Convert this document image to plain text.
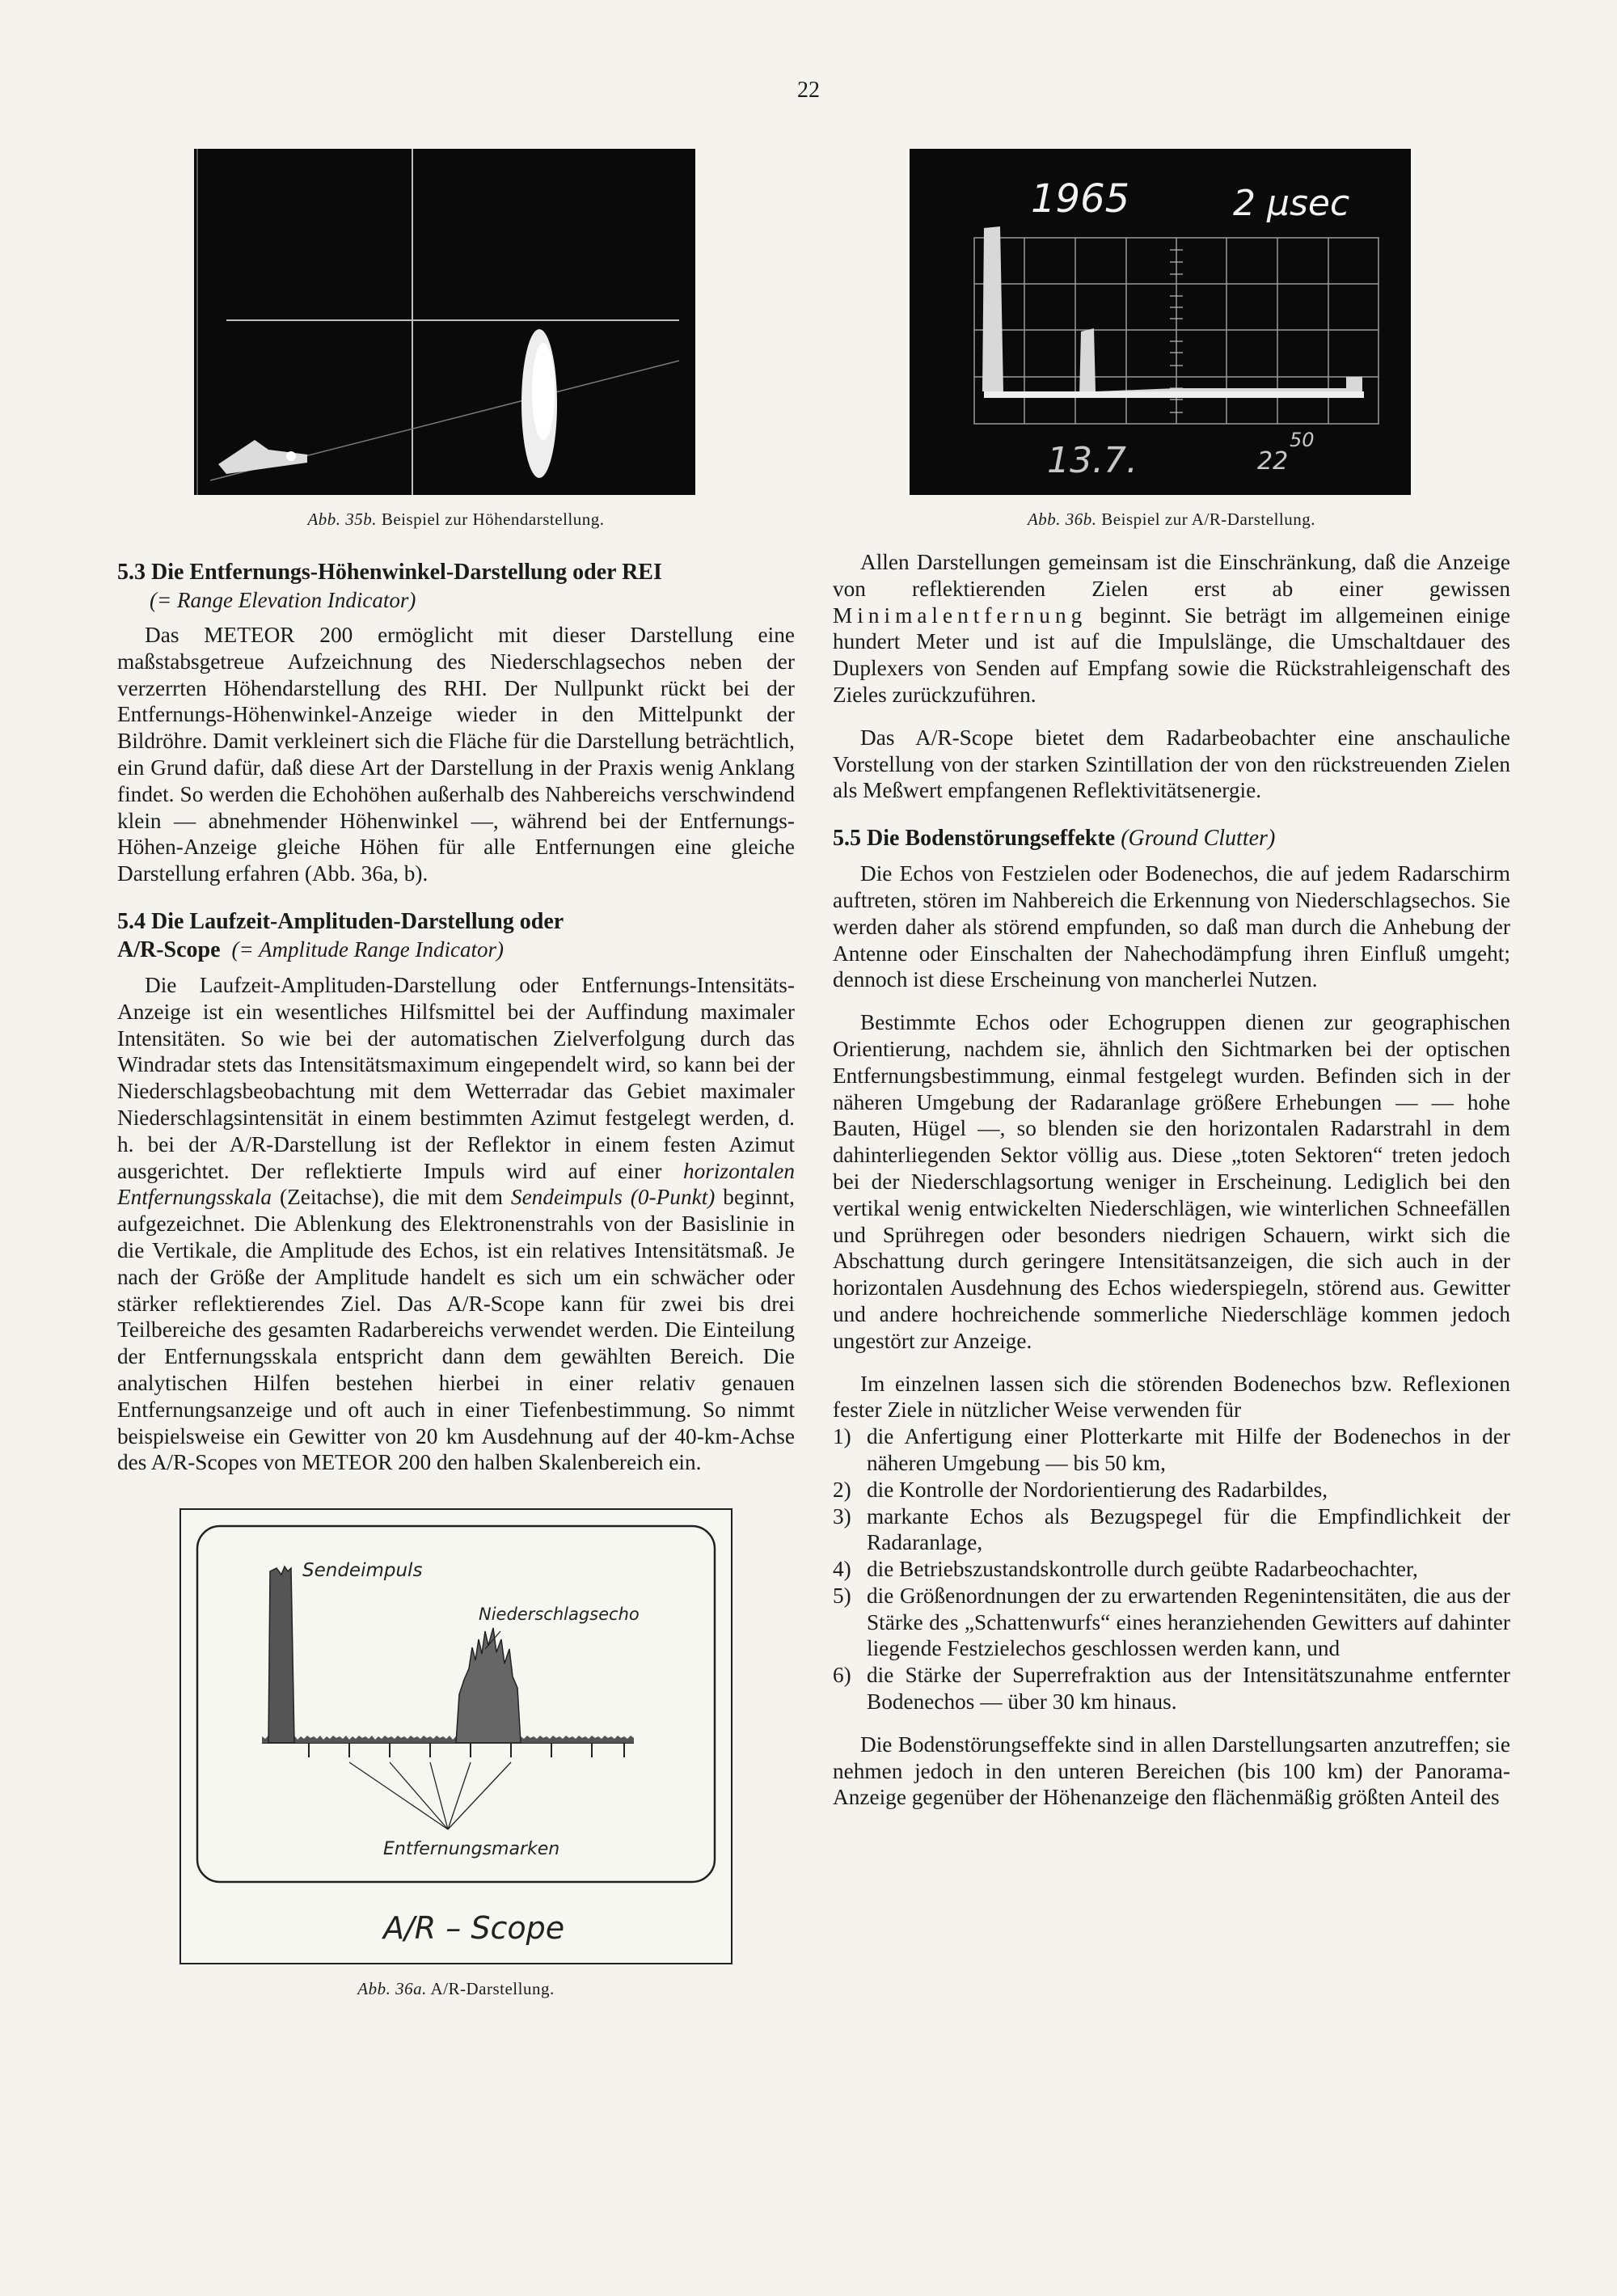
22
Abb. 35b. Beispiel zur Höhendarstellung.

5.3 Die Entfernungs-Höhenwinkel-Darstellung oder REI

(= Range Elevation Indicator)

Das METEOR 200 ermöglicht mit dieser Darstellung eine maßstabsgetreue Aufzeichnung des Niederschlagsechos neben der verzerrten Höhendarstellung des RHI. Der Nullpunkt rückt bei der Entfernungs-Höhenwinkel-Anzeige wieder in den Mittelpunkt der Bildröhre. Damit verkleinert sich die Fläche für die Darstellung beträchtlich, ein Grund dafür, daß diese Art der Darstellung in der Praxis wenig Anklang findet. So werden die Echohöhen außerhalb des Nahbereichs verschwindend klein — abnehmender Höhenwinkel —, während bei der Entfernungs-Höhen-Anzeige gleiche Höhen für alle Entfernungen eine gleiche Darstellung erfahren (Abb. 36a, b).

5.4 Die Laufzeit-Amplituden-Darstellung oder

A/R-Scope (= Amplitude Range Indicator)

Die Laufzeit-Amplituden-Darstellung oder Entfernungs-Intensitäts-Anzeige ist ein wesentliches Hilfsmittel bei der Auffindung maximaler Intensitäten. So wie bei der automatischen Zielverfolgung durch das Windradar stets das Intensitätsmaximum eingependelt wird, so kann bei der Niederschlagsbeobachtung mit dem Wetterradar das Gebiet maximaler Niederschlagsintensität in einem bestimmten Azimut festgelegt werden, d. h. bei der A/R-Darstellung ist der Reflektor in einem festen Azimut ausgerichtet. Der reflektierte Impuls wird auf einer horizontalen Entfernungsskala (Zeitachse), die mit dem Sendeimpuls (0-Punkt) beginnt, aufgezeichnet. Die Ablenkung des Elektronenstrahls von der Basislinie in die Vertikale, die Amplitude des Echos, ist ein relatives Intensitätsmaß. Je nach der Größe der Amplitude handelt es sich um ein schwächer oder stärker reflektierendes Ziel. Das A/R-Scope kann für zwei bis drei Teilbereiche des gesamten Radarbereichs verwendet werden. Die Einteilung der Entfernungsskala entspricht dann dem gewählten Bereich. Die analytischen Hilfen bestehen hierbei in einer relativ genauen Entfernungsanzeige und oft auch in einer Tiefenbestimmung. So nimmt beispielsweise ein Gewitter von 20 km Ausdehnung auf der 40-km-Achse des A/R-Scopes von METEOR 200 den halben Skalenbereich ein.

Sendeimpuls
Niederschlagsecho
Entfernungsmarken
A/R – Scope
Abb. 36a. A/R-Darstellung.
1965	2 µsec
13.7.	22
50
Abb. 36b. Beispiel zur A/R-Darstellung.

Allen Darstellungen gemeinsam ist die Einschränkung, daß die Anzeige von reflektierenden Zielen erst ab einer gewissen Minimalentfernung beginnt. Sie beträgt im allgemeinen einige hundert Meter und ist auf die Impulslänge, die Umschaltdauer des Duplexers von Senden auf Empfang sowie die Rückstrahleigenschaft des Zieles zurückzuführen.

Das A/R-Scope bietet dem Radarbeobachter eine anschauliche Vorstellung von der starken Szintillation der von den rückstreuenden Zielen als Meßwert empfangenen Reflektivitätsenergie.

5.5 Die Bodenstörungseffekte (Ground Clutter)

Die Echos von Festzielen oder Bodenechos, die auf jedem Radarschirm auftreten, stören im Nahbereich die Erkennung von Niederschlagsechos. Sie werden daher als störend empfunden, so daß man durch die Anhebung der Antenne oder Einschalten der Nahechodämpfung ihren Einfluß umgeht; dennoch ist diese Erscheinung von mancherlei Nutzen.

Bestimmte Echos oder Echogruppen dienen zur geographischen Orientierung, nachdem sie, ähnlich den Sichtmarken bei der optischen Entfernungsbestimmung, einmal festgelegt wurden. Befinden sich in der näheren Umgebung der Radaranlage größere Erhebungen — — hohe Bauten, Hügel —, so blenden sie den horizontalen Radarstrahl in dem dahinterliegenden Sektor völlig aus. Diese „toten Sektoren“ treten jedoch bei der Niederschlagsortung weniger in Erscheinung. Lediglich bei den vertikal wenig entwickelten Niederschlägen, wie winterlichen Schneefällen und Sprühregen oder besonders niedrigen Schauern, wirkt sich die Abschattung durch geringere Intensitätsanzeigen, die sich auch in der horizontalen Ausdehnung des Echos wiederspiegeln, störend aus. Gewitter und andere hochreichende sommerliche Niederschläge kommen jedoch ungestört zur Anzeige.

Im einzelnen lassen sich die störenden Bodenechos bzw. Reflexionen fester Ziele in nützlicher Weise verwenden für

1) die Anfertigung einer Plotterkarte mit Hilfe der Bodenechos in der näheren Umgebung — bis 50 km,
2) die Kontrolle der Nordorientierung des Radarbildes,
3) markante Echos als Bezugspegel für die Empfindlichkeit der Radaranlage,
4) die Betriebszustandskontrolle durch geübte Radarbeochachter,
5) die Größenordnungen der zu erwartenden Regenintensitäten, die aus der Stärke des „Schattenwurfs“ eines heranziehenden Gewitters auf dahinter liegende Festzielechos geschlossen werden kann, und
6) die Stärke der Superrefraktion aus der Intensitätszunahme entfernter Bodenechos — über 30 km hinaus.

Die Bodenstörungseffekte sind in allen Darstellungsarten anzutreffen; sie nehmen jedoch in den unteren Bereichen (bis 100 km) der Panorama-Anzeige gegenüber der Höhenanzeige den flächenmäßig größten Anteil des
